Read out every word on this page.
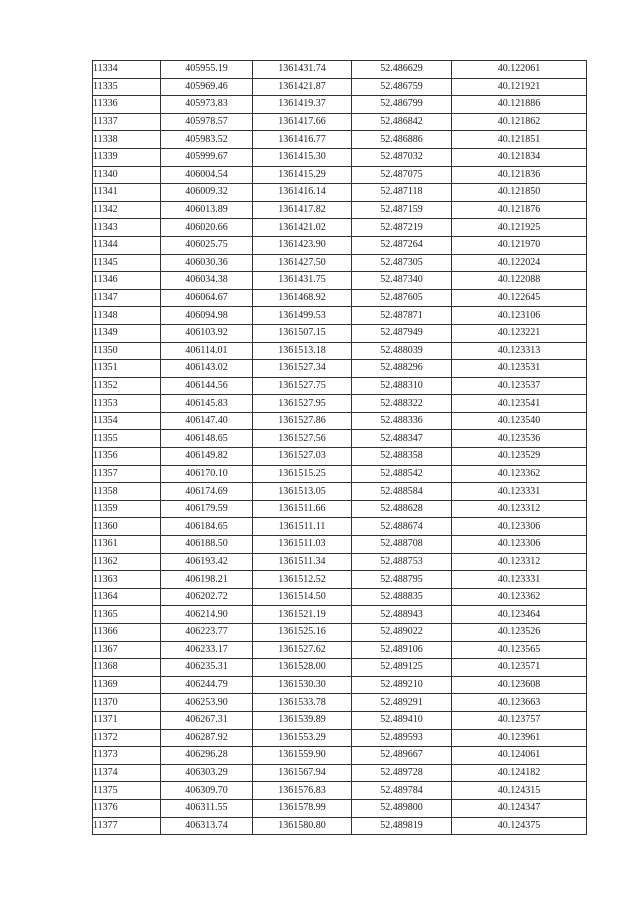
11334	405955.19	1361431.74	52.486629	40.122061
11335	405969.46	1361421.87	52.486759	40.121921
11336	405973.83	1361419.37	52.486799	40.121886
11337	405978.57	1361417.66	52.486842	40.121862
11338	405983.52	1361416.77	52.486886	40.121851
11339	405999.67	1361415.30	52.487032	40.121834
11340	406004.54	1361415.29	52.487075	40.121836
11341	406009.32	1361416.14	52.487118	40.121850
11342	406013.89	1361417.82	52.487159	40.121876
11343	406020.66	1361421.02	52.487219	40.121925
11344	406025.75	1361423.90	52.487264	40.121970
11345	406030.36	1361427.50	52.487305	40.122024
11346	406034.38	1361431.75	52.487340	40.122088
11347	406064.67	1361468.92	52.487605	40.122645
11348	406094.98	1361499.53	52.487871	40.123106
11349	406103.92	1361507.15	52.487949	40.123221
11350	406114.01	1361513.18	52.488039	40.123313
11351	406143.02	1361527.34	52.488296	40.123531
11352	406144.56	1361527.75	52.488310	40.123537
11353	406145.83	1361527.95	52.488322	40.123541
11354	406147.40	1361527.86	52.488336	40.123540
11355	406148.65	1361527.56	52.488347	40.123536
11356	406149.82	1361527.03	52.488358	40.123529
11357	406170.10	1361515.25	52.488542	40.123362
11358	406174.69	1361513.05	52.488584	40.123331
11359	406179.59	1361511.66	52.488628	40.123312
11360	406184.65	1361511.11	52.488674	40.123306
11361	406188.50	1361511.03	52.488708	40.123306
11362	406193.42	1361511.34	52.488753	40.123312
11363	406198.21	1361512.52	52.488795	40.123331
11364	406202.72	1361514.50	52.488835	40.123362
11365	406214.90	1361521.19	52.488943	40.123464
11366	406223.77	1361525.16	52.489022	40.123526
11367	406233.17	1361527.62	52.489106	40.123565
11368	406235.31	1361528.00	52.489125	40.123571
11369	406244.79	1361530.30	52.489210	40.123608
11370	406253.90	1361533.78	52.489291	40.123663
11371	406267.31	1361539.89	52.489410	40.123757
11372	406287.92	1361553.29	52.489593	40.123961
11373	406296.28	1361559.90	52.489667	40.124061
11374	406303.29	1361567.94	52.489728	40.124182
11375	406309.70	1361576.83	52.489784	40.124315
11376	406311.55	1361578.99	52.489800	40.124347
11377	406313.74	1361580.80	52.489819	40.124375
